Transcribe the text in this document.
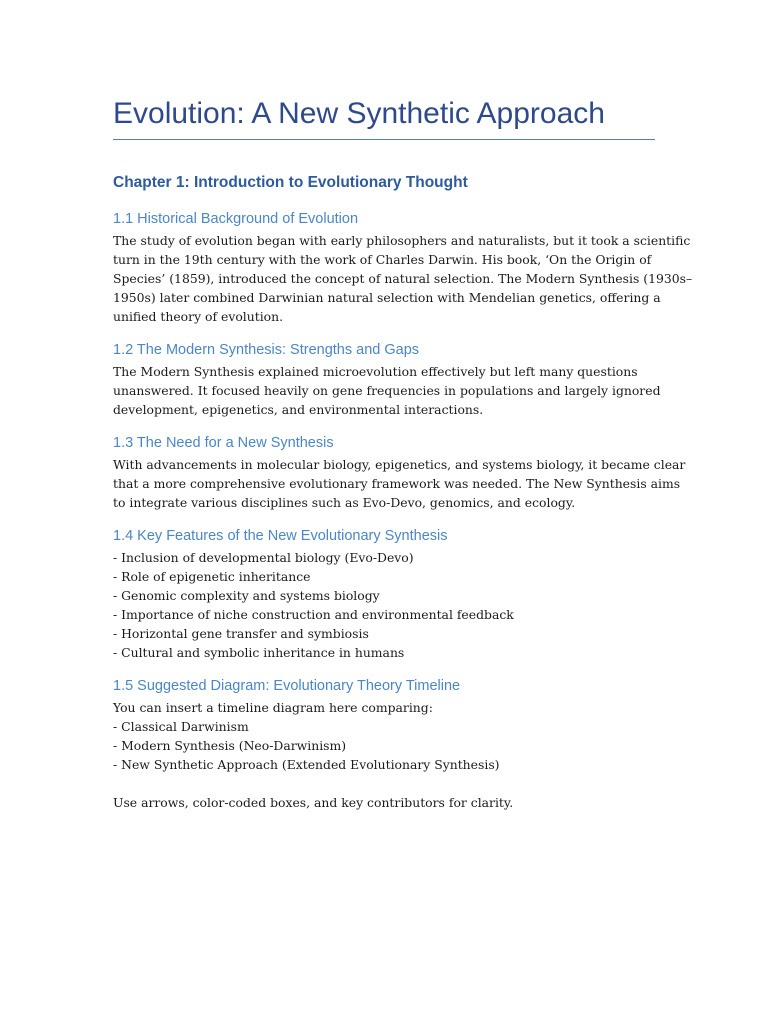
Evolution: A New Synthetic Approach
Chapter 1: Introduction to Evolutionary Thought
1.1 Historical Background of Evolution
The study of evolution began with early philosophers and naturalists, but it took a scientific
turn in the 19th century with the work of Charles Darwin. His book, ‘On the Origin of
Species’ (1859), introduced the concept of natural selection. The Modern Synthesis (1930s–
1950s) later combined Darwinian natural selection with Mendelian genetics, offering a
unified theory of evolution.
1.2 The Modern Synthesis: Strengths and Gaps
The Modern Synthesis explained microevolution effectively but left many questions
unanswered. It focused heavily on gene frequencies in populations and largely ignored
development, epigenetics, and environmental interactions.
1.3 The Need for a New Synthesis
With advancements in molecular biology, epigenetics, and systems biology, it became clear
that a more comprehensive evolutionary framework was needed. The New Synthesis aims
to integrate various disciplines such as Evo-Devo, genomics, and ecology.
1.4 Key Features of the New Evolutionary Synthesis
- Inclusion of developmental biology (Evo-Devo)
- Role of epigenetic inheritance
- Genomic complexity and systems biology
- Importance of niche construction and environmental feedback
- Horizontal gene transfer and symbiosis
- Cultural and symbolic inheritance in humans
1.5 Suggested Diagram: Evolutionary Theory Timeline
You can insert a timeline diagram here comparing:
- Classical Darwinism
- Modern Synthesis (Neo-Darwinism)
- New Synthetic Approach (Extended Evolutionary Synthesis)
Use arrows, color-coded boxes, and key contributors for clarity.
